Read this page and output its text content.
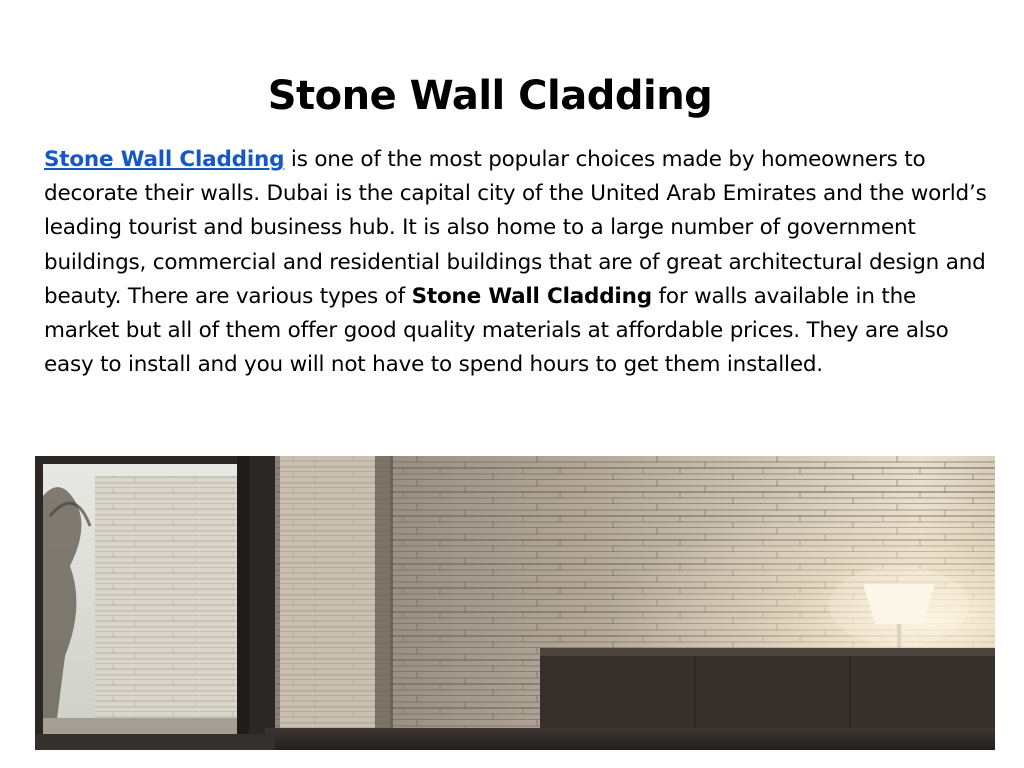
Stone Wall Cladding

Stone Wall Cladding is one of the most popular choices made by homeowners to decorate their walls. Dubai is the capital city of the United Arab Emirates and the world’s leading tourist and business hub. It is also home to a large number of government buildings, commercial and residential buildings that are of great architectural design and beauty. There are various types of Stone Wall Cladding for walls available in the market but all of them offer good quality materials at affordable prices. They are also easy to install and you will not have to spend hours to get them installed.
